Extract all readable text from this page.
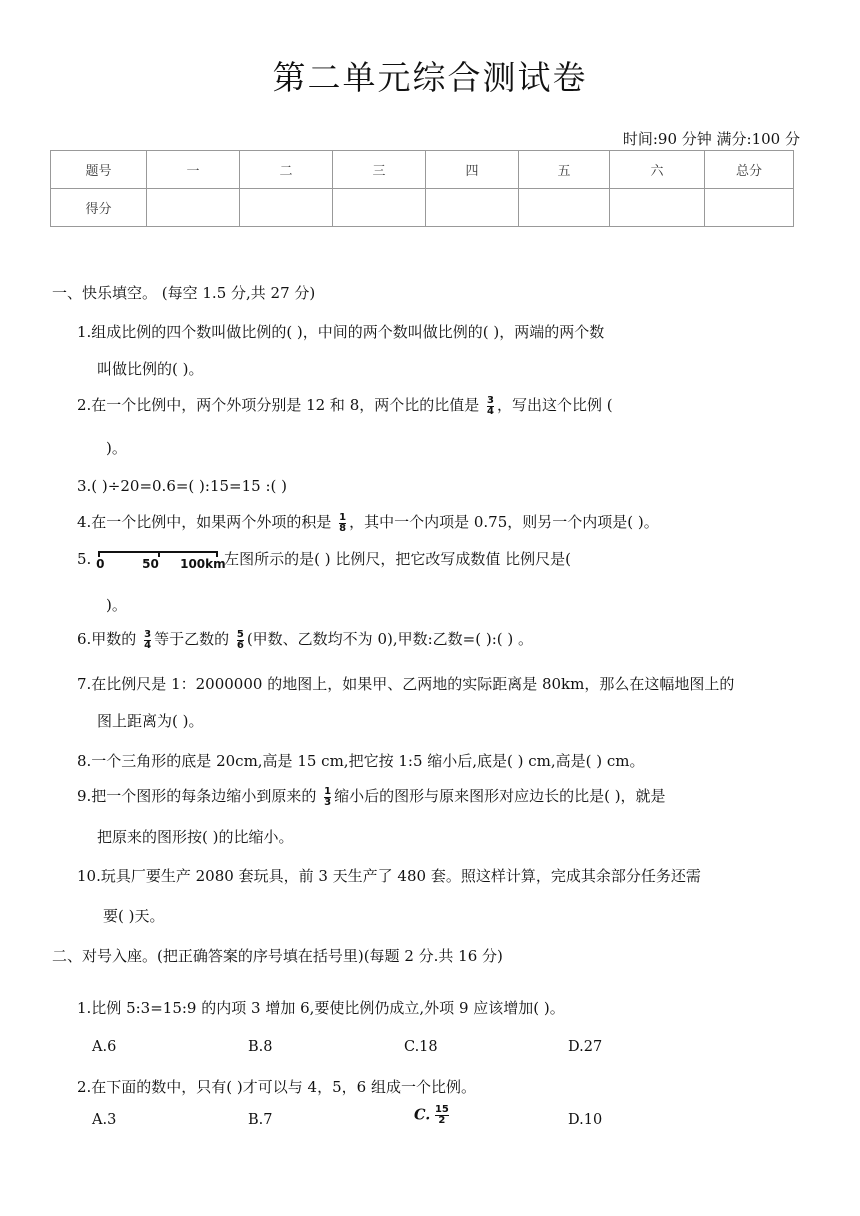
第二单元综合测试卷
时间:90 分钟 满分:100 分
题号	一	二	三	四	五	六	总分
得分							
一、快乐填空。 (每空 1.5 分,共 27 分)
1.组成比例的四个数叫做比例的( )，中间的两个数叫做比例的( )，两端的两个数
叫做比例的( )。
2.在一个比例中，两个外项分别是 12 和 8，两个比的比值是 $\frac{3}{4}$ ，写出这个比例 (
)。
3.( )÷20=0.6=( ):15=15 :( )
4.在一个比例中，如果两个外项的积是 $\frac{1}{8}$ ，其中一个内项是 0.75，则另一个内项是( )。
5. 0	50 100km
左图所示的是( ) 比例尺，把它改写成数值 比例尺是(
)。
6.甲数的 $\frac{3}{4}$ 等于乙数的 $\frac{5}{6}$ (甲数、乙数均不为 0),甲数:乙数=( ):( ) 。
7.在比例尺是 1：2000000 的地图上，如果甲、乙两地的实际距离是 80km，那么在这幅地图上的
图上距离为( )。
8.一个三角形的底是 20cm,高是 15 cm,把它按 1:5 缩小后,底是( ) cm,高是( ) cm。
9.把一个图形的每条边缩小到原来的 $\frac{1}{3}$ 缩小后的图形与原来图形对应边长的比是( )，就是
把原来的图形按( )的比缩小。
10.玩具厂要生产 2080 套玩具，前 3 天生产了 480 套。照这样计算，完成其余部分任务还需
要( )天。
二、对号入座。(把正确答案的序号填在括号里)(每题 2 分.共 16 分)
1.比例 5:3=15:9 的内项 3 增加 6,要使比例仍成立,外项 9 应该增加( )。
A.6	B.8	C.18	D.27
2.在下面的数中，只有( )才可以与 4，5，6 组成一个比例。
A.3	B.7	C. $\frac{15}{2}$	D.10
